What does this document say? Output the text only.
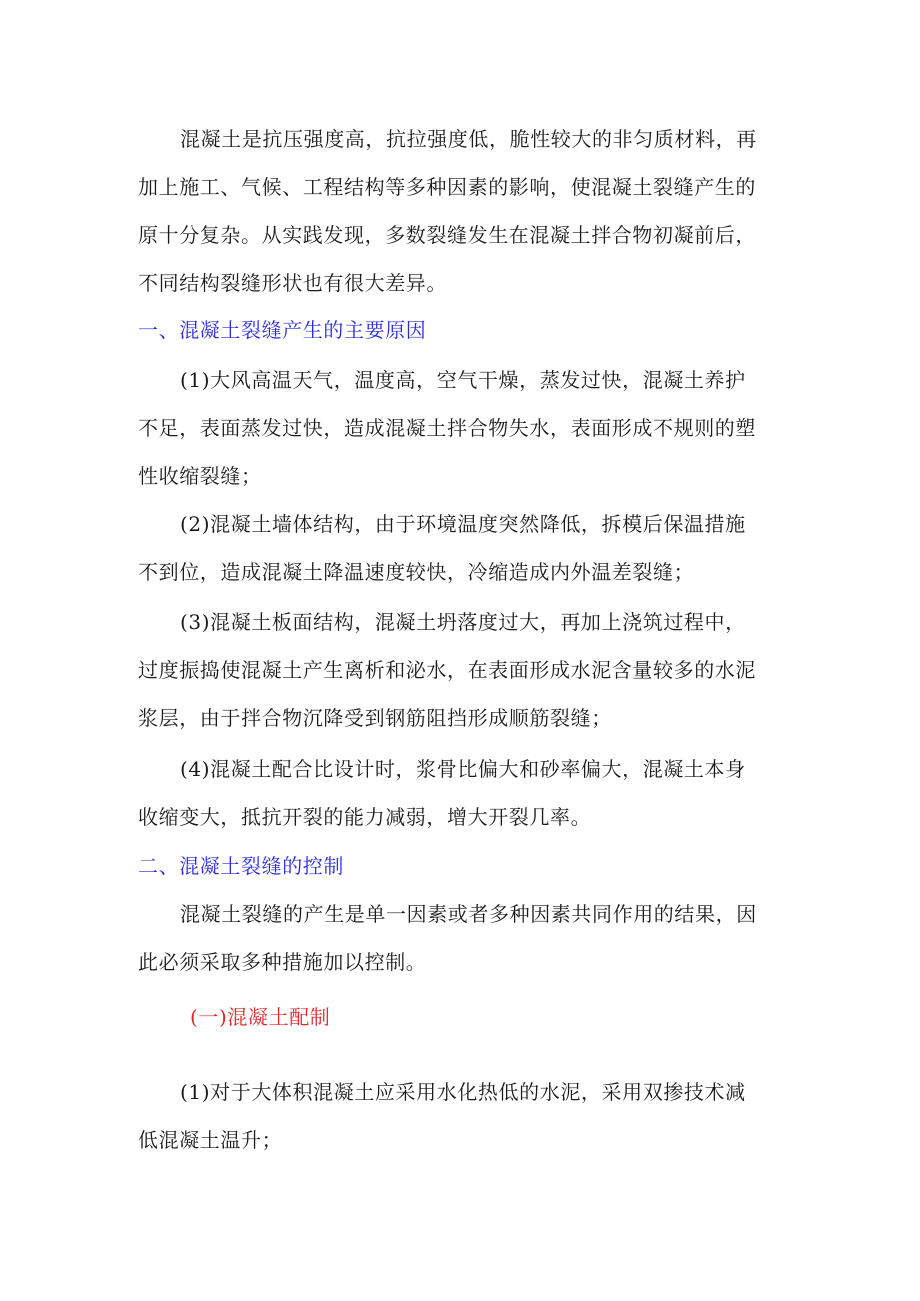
混凝土是抗压强度高，抗拉强度低，脆性较大的非匀质材料，再
加上施工、气候、工程结构等多种因素的影响，使混凝土裂缝产生的
原十分复杂。从实践发现，多数裂缝发生在混凝土拌合物初凝前后，
不同结构裂缝形状也有很大差异。

一、混凝土裂缝产生的主要原因

(1)大风高温天气，温度高，空气干燥，蒸发过快，混凝土养护
不足，表面蒸发过快，造成混凝土拌合物失水，表面形成不规则的塑
性收缩裂缝；

(2)混凝土墙体结构，由于环境温度突然降低，拆模后保温措施
不到位，造成混凝土降温速度较快，冷缩造成内外温差裂缝；

(3)混凝土板面结构，混凝土坍落度过大，再加上浇筑过程中，
过度振捣使混凝土产生离析和泌水，在表面形成水泥含量较多的水泥
浆层，由于拌合物沉降受到钢筋阻挡形成顺筋裂缝；

(4)混凝土配合比设计时，浆骨比偏大和砂率偏大，混凝土本身
收缩变大，抵抗开裂的能力减弱，增大开裂几率。

二、混凝土裂缝的控制

混凝土裂缝的产生是单一因素或者多种因素共同作用的结果，因
此必须采取多种措施加以控制。

(一)混凝土配制

(1)对于大体积混凝土应采用水化热低的水泥，采用双掺技术减
低混凝土温升；
